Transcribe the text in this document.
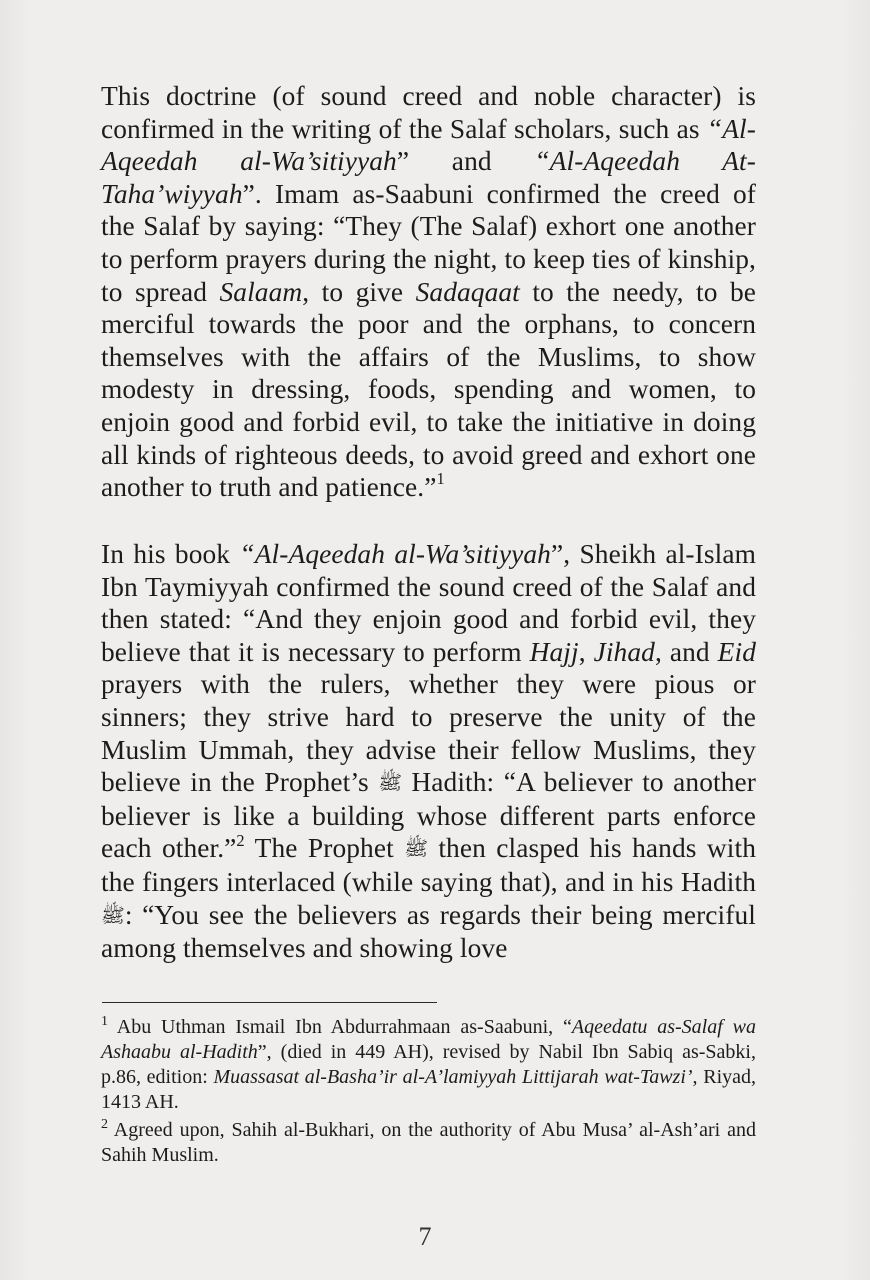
This doctrine (of sound creed and noble character) is confirmed in the writing of the Salaf scholars, such as “Al-Aqeedah al-Wa’sitiyyah” and “Al-Aqeedah At-Taha’wiyyah”. Imam as-Saabuni confirmed the creed of the Salaf by saying: “They (The Salaf) exhort one another to perform prayers during the night, to keep ties of kinship, to spread Salaam, to give Sadaqaat to the needy, to be merciful towards the poor and the orphans, to concern themselves with the affairs of the Muslims, to show modesty in dressing, foods, spending and women, to enjoin good and forbid evil, to take the initiative in doing all kinds of righteous deeds, to avoid greed and exhort one another to truth and patience.”$^1$

In his book “Al-Aqeedah al-Wa’sitiyyah”, Sheikh al-Islam Ibn Taymiyyah confirmed the sound creed of the Salaf and then stated: “And they enjoin good and forbid evil, they believe that it is necessary to perform Hajj, Jihad, and Eid prayers with the rulers, whether they were pious or sinners; they strive hard to preserve the unity of the Muslim Ummah, they advise their fellow Muslims, they believe in the Prophet’s ﷺ Hadith: “A believer to another believer is like a building whose different parts enforce each other.”$^2$ The Prophet ﷺ then clasped his hands with the fingers interlaced (while saying that), and in his Hadith ﷺ: “You see the believers as regards their being merciful among themselves and showing love

$^1$ Abu Uthman Ismail Ibn Abdurrahmaan as-Saabuni, “Aqeedatu as-Salaf wa Ashaabu al-Hadith”, (died in 449 AH), revised by Nabil Ibn Sabiq as-Sabki, p.86, edition: Muassasat al-Basha’ir al-A’lamiyyah Littijarah wat-Tawzi’, Riyad, 1413 AH.

$^2$ Agreed upon, Sahih al-Bukhari, on the authority of Abu Musa’ al-Ash’ari and Sahih Muslim.

7
